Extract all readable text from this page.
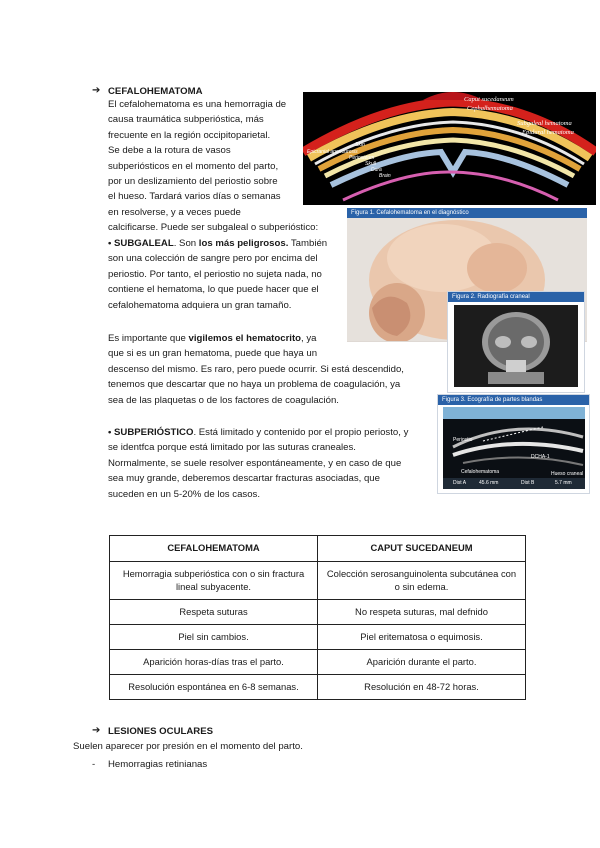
➔ CEFALOHEMATOMA
El cefalohematoma es una hemorragia de
causa traumática subperióstica, más
frecuente en la región occipitoparietal.
Se debe a la rotura de vasos
subperiósticos en el momento del parto,
por un deslizamiento del periostio sobre
el hueso. Tardará varios días o semanas
en resolverse, y a veces puede
calcificarse. Puede ser subgaleal o subperióstico:
• SUBGALEAL. Son los más peligrosos. También
son una colección de sangre pero por encima del
periostio. Por tanto, el periostio no sujeta nada, no
contiene el hematoma, lo que puede hacer que el
cefalohematoma adquiera un gran tamaño.
Es importante que vigilemos el hematocrito, ya
que si es un gran hematoma, puede que haya un
descenso del mismo. Es raro, pero puede ocurrir. Si está descendido,
tenemos que descartar que no haya un problema de coagulación, ya
sea de las plaquetas o de los factores de coagulación.
• SUBPERIÓSTICO. Está limitado y contenido por el propio periosto, y
se identfca porque está limitado por las suturas craneales.
Normalmente, se suele resolver espontáneamente, y en caso de que
sea muy grande, deberemos descartar fracturas asociadas, que
suceden en un 5-20% de los casos.
Caput sucedaneum
Cephalhematoma
Subgaleal hematoma
Epidural hematoma
Skin
Epicranial aponeurosis
Periosteum
Skull
Dura
Brain
Figura 1. Cefalohematoma en el diagnóstico
Figura 2. Radiografía craneal
Figura 3. Ecografía de partes blandas
Periostio
Cefalohematoma	Hueso craneal
DCHA-1
Dist A	45.6 mm	Dist B	5.7 mm
CEFALOHEMATOMA	CAPUT SUCEDANEUM
Hemorragia subperióstica con o sin fractura lineal subyacente.	Colección serosanguinolenta subcutánea con o sin edema.
Respeta suturas	No respeta suturas, mal defnido
Piel sin cambios.	Piel eritematosa o equimosis.
Aparición horas-días tras el parto.	Aparición durante el parto.
Resolución espontánea en 6-8 semanas.	Resolución en 48-72 horas.
➔ LESIONES OCULARES
Suelen aparecer por presión en el momento del parto.
- Hemorragias retinianas
